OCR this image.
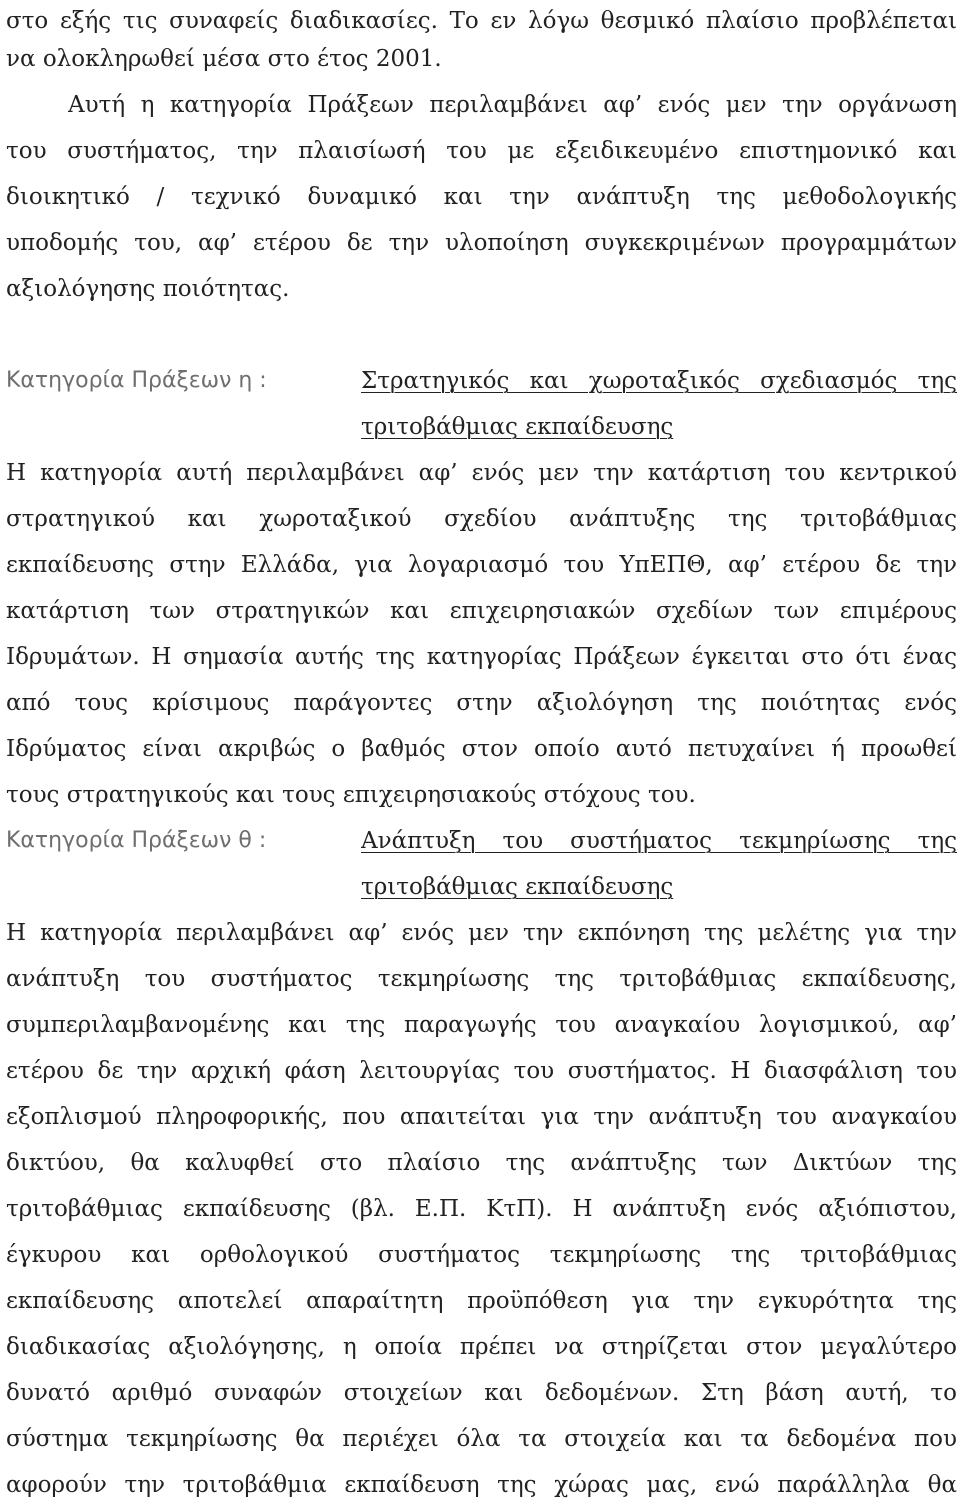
στο εξής τις συναφείς διαδικασίες. Το εν λόγω θεσμικό πλαίσιο προβλέπεται
να ολοκληρωθεί μέσα στο έτος 2001.
Αυτή η κατηγορία Πράξεων περιλαμβάνει αφ’ ενός μεν την οργάνωση
του συστήματος, την πλαισίωσή του με εξειδικευμένο επιστημονικό και
διοικητικό / τεχνικό δυναμικό και την ανάπτυξη της μεθοδολογικής
υποδομής του, αφ’ ετέρου δε την υλοποίηση συγκεκριμένων προγραμμάτων
αξιολόγησης ποιότητας.
Κατηγορία Πράξεων η :	Στρατηγικός και χωροταξικός σχεδιασμός της
τριτοβάθμιας εκπαίδευσης
Η κατηγορία αυτή περιλαμβάνει αφ’ ενός μεν την κατάρτιση του κεντρικού
στρατηγικού και χωροταξικού σχεδίου ανάπτυξης της τριτοβάθμιας
εκπαίδευσης στην Ελλάδα, για λογαριασμό του ΥπΕΠΘ, αφ’ ετέρου δε την
κατάρτιση των στρατηγικών και επιχειρησιακών σχεδίων των επιμέρους
Ιδρυμάτων. Η σημασία αυτής της κατηγορίας Πράξεων έγκειται στο ότι ένας
από τους κρίσιμους παράγοντες στην αξιολόγηση της ποιότητας ενός
Ιδρύματος είναι ακριβώς ο βαθμός στον οποίο αυτό πετυχαίνει ή προωθεί
τους στρατηγικούς και τους επιχειρησιακούς στόχους του.
Κατηγορία Πράξεων θ :	Ανάπτυξη του συστήματος τεκμηρίωσης της
τριτοβάθμιας εκπαίδευσης
Η κατηγορία περιλαμβάνει αφ’ ενός μεν την εκπόνηση της μελέτης για την
ανάπτυξη του συστήματος τεκμηρίωσης της τριτοβάθμιας εκπαίδευσης,
συμπεριλαμβανομένης και της παραγωγής του αναγκαίου λογισμικού, αφ’
ετέρου δε την αρχική φάση λειτουργίας του συστήματος. Η διασφάλιση του
εξοπλισμού πληροφορικής, που απαιτείται για την ανάπτυξη του αναγκαίου
δικτύου, θα καλυφθεί στο πλαίσιο της ανάπτυξης των Δικτύων της
τριτοβάθμιας εκπαίδευσης (βλ. Ε.Π. ΚτΠ). Η ανάπτυξη ενός αξιόπιστου,
έγκυρου και ορθολογικού συστήματος τεκμηρίωσης της τριτοβάθμιας
εκπαίδευσης αποτελεί απαραίτητη προϋπόθεση για την εγκυρότητα της
διαδικασίας αξιολόγησης, η οποία πρέπει να στηρίζεται στον μεγαλύτερο
δυνατό αριθμό συναφών στοιχείων και δεδομένων. Στη βάση αυτή, το
σύστημα τεκμηρίωσης θα περιέχει όλα τα στοιχεία και τα δεδομένα που
αφορούν την τριτοβάθμια εκπαίδευση της χώρας μας, ενώ παράλληλα θα
